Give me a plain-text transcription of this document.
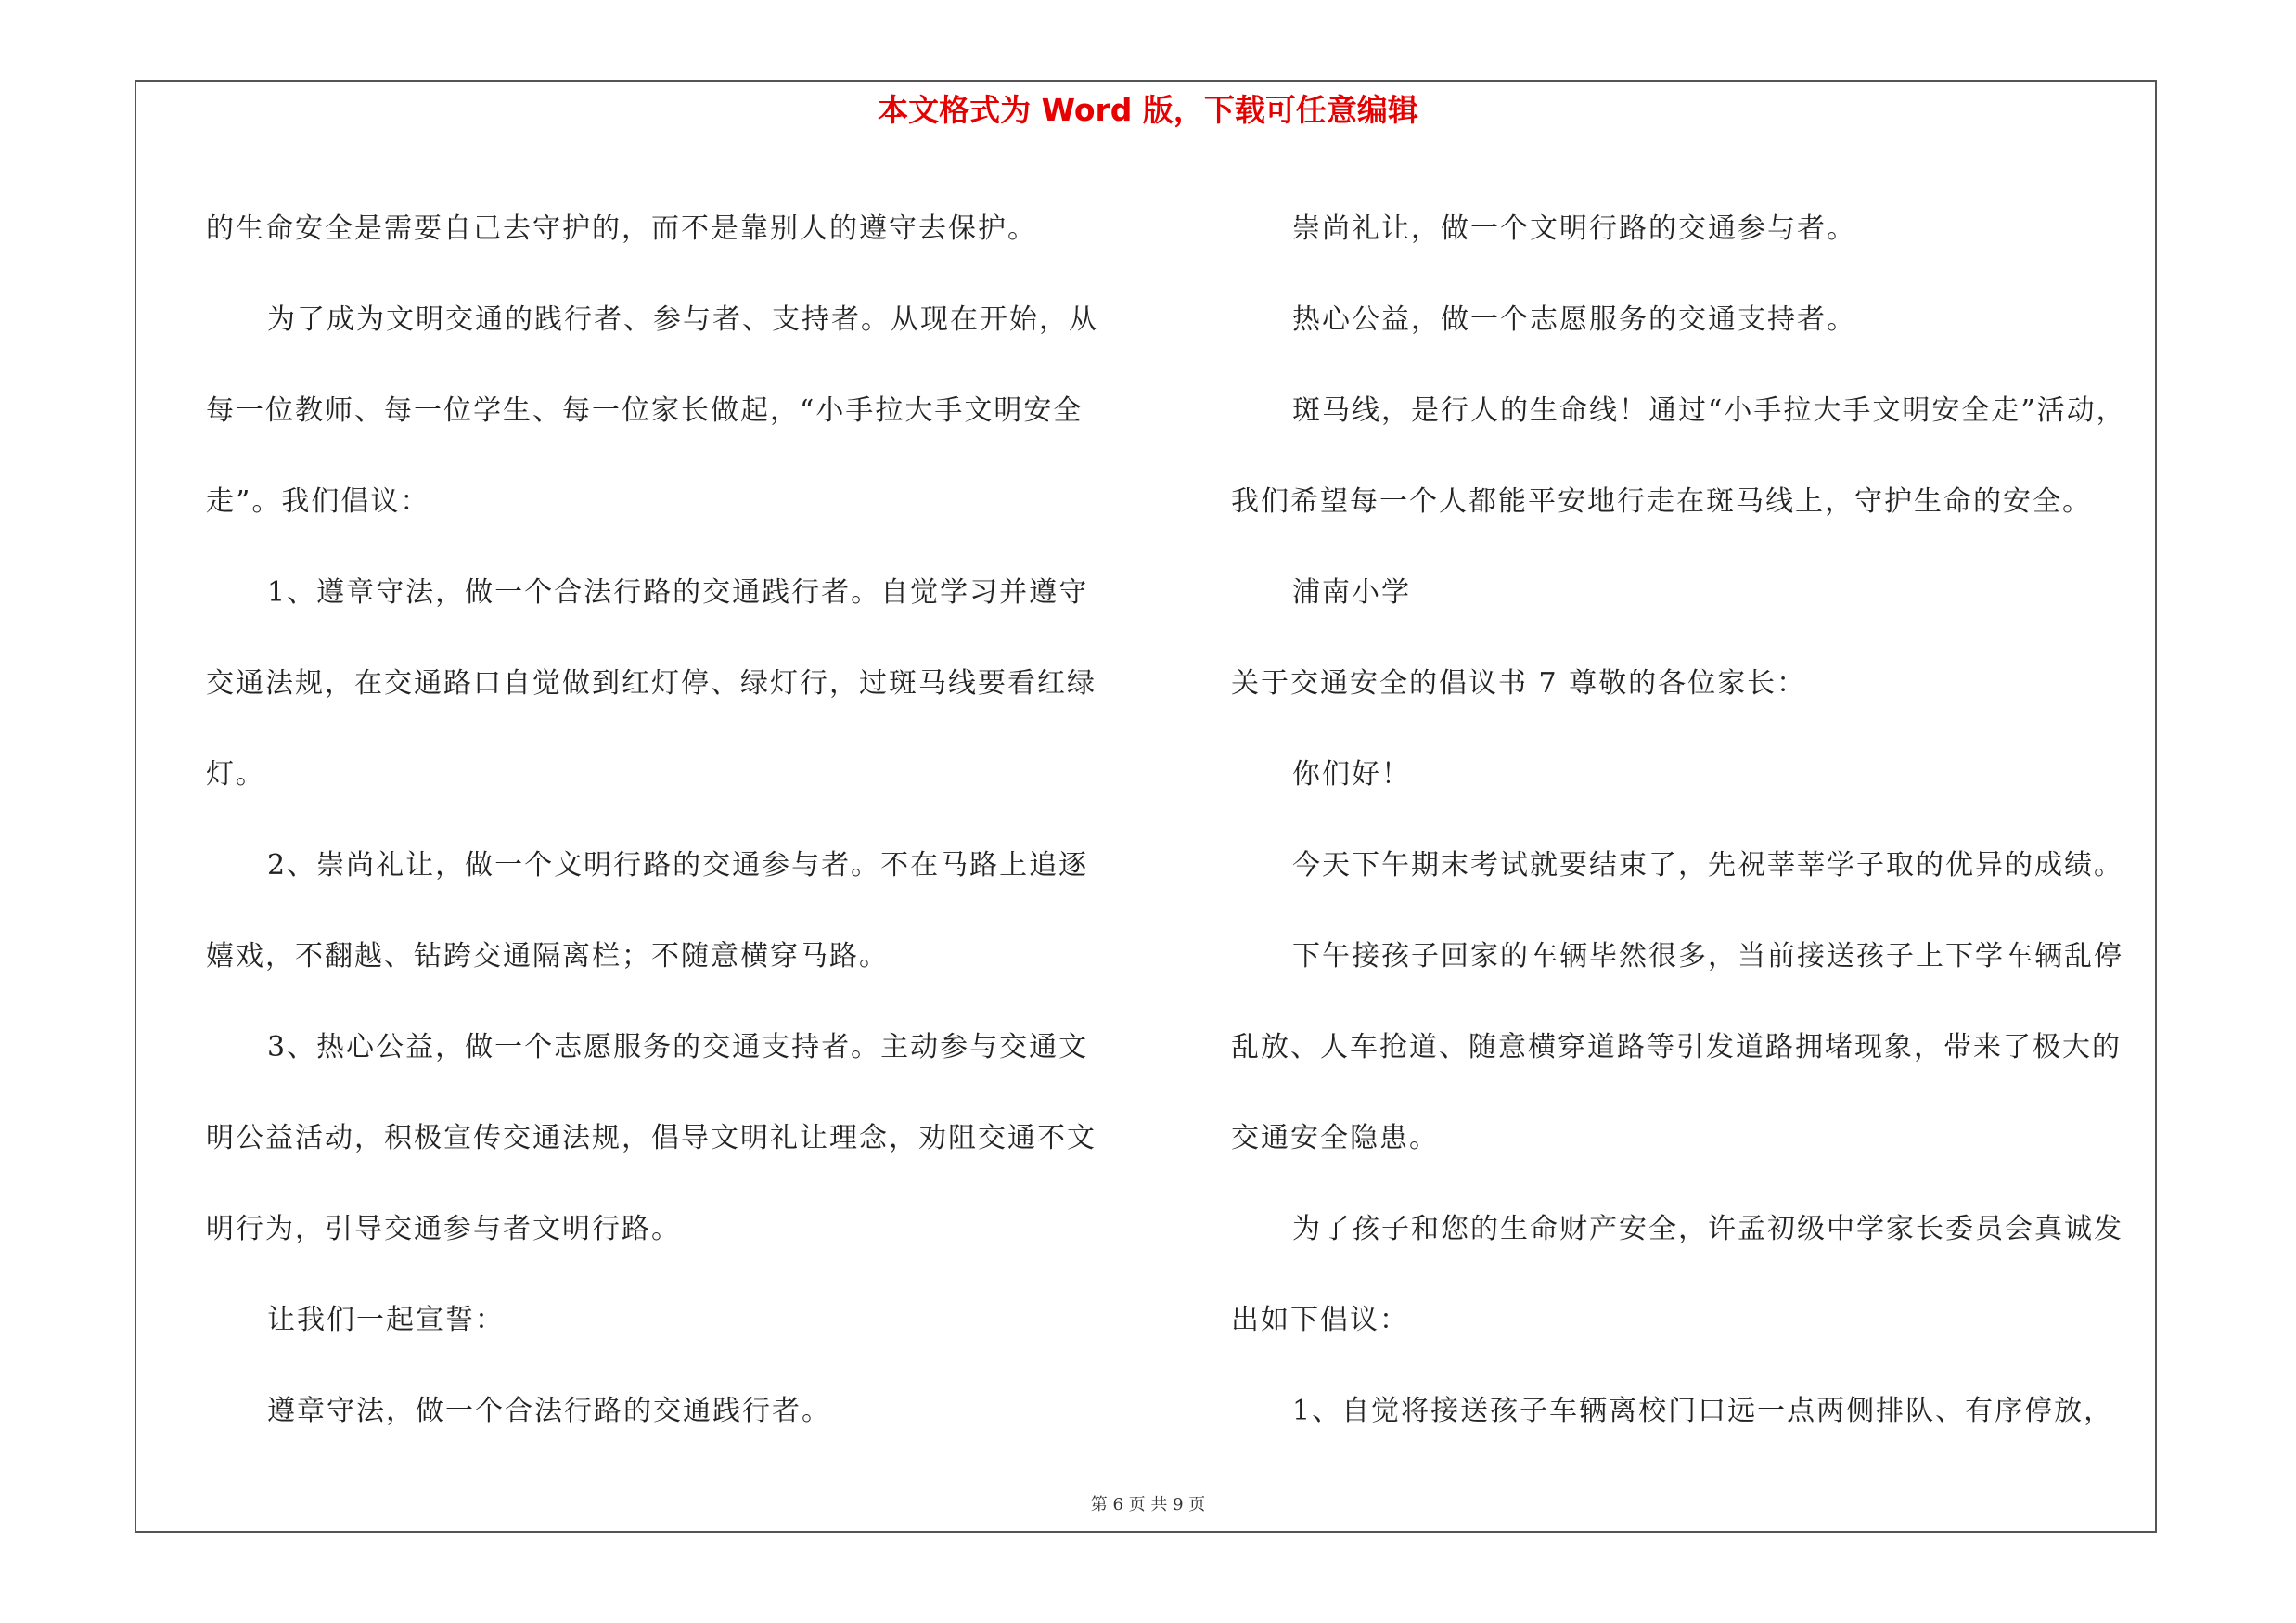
本文格式为 Word 版，下载可任意编辑

的生命安全是需要自己去守护的，而不是靠别人的遵守去保护。

为了成为文明交通的践行者、参与者、支持者。从现在开始，从

每一位教师、每一位学生、每一位家长做起，“小手拉大手文明安全

走”。我们倡议：

1、遵章守法，做一个合法行路的交通践行者。自觉学习并遵守

交通法规，在交通路口自觉做到红灯停、绿灯行，过斑马线要看红绿

灯。

2、崇尚礼让，做一个文明行路的交通参与者。不在马路上追逐

嬉戏，不翻越、钻跨交通隔离栏；不随意横穿马路。

3、热心公益，做一个志愿服务的交通支持者。主动参与交通文

明公益活动，积极宣传交通法规，倡导文明礼让理念，劝阻交通不文

明行为，引导交通参与者文明行路。

让我们一起宣誓：

遵章守法，做一个合法行路的交通践行者。

崇尚礼让，做一个文明行路的交通参与者。

热心公益，做一个志愿服务的交通支持者。

斑马线，是行人的生命线！通过“小手拉大手文明安全走”活动，

我们希望每一个人都能平安地行走在斑马线上，守护生命的安全。

浦南小学

关于交通安全的倡议书 7 尊敬的各位家长：

你们好！

今天下午期末考试就要结束了，先祝莘莘学子取的优异的成绩。

下午接孩子回家的车辆毕然很多，当前接送孩子上下学车辆乱停

乱放、人车抢道、随意横穿道路等引发道路拥堵现象，带来了极大的

交通安全隐患。

为了孩子和您的生命财产安全，许孟初级中学家长委员会真诚发

出如下倡议：

1、自觉将接送孩子车辆离校门口远一点两侧排队、有序停放，

第 6 页 共 9 页
